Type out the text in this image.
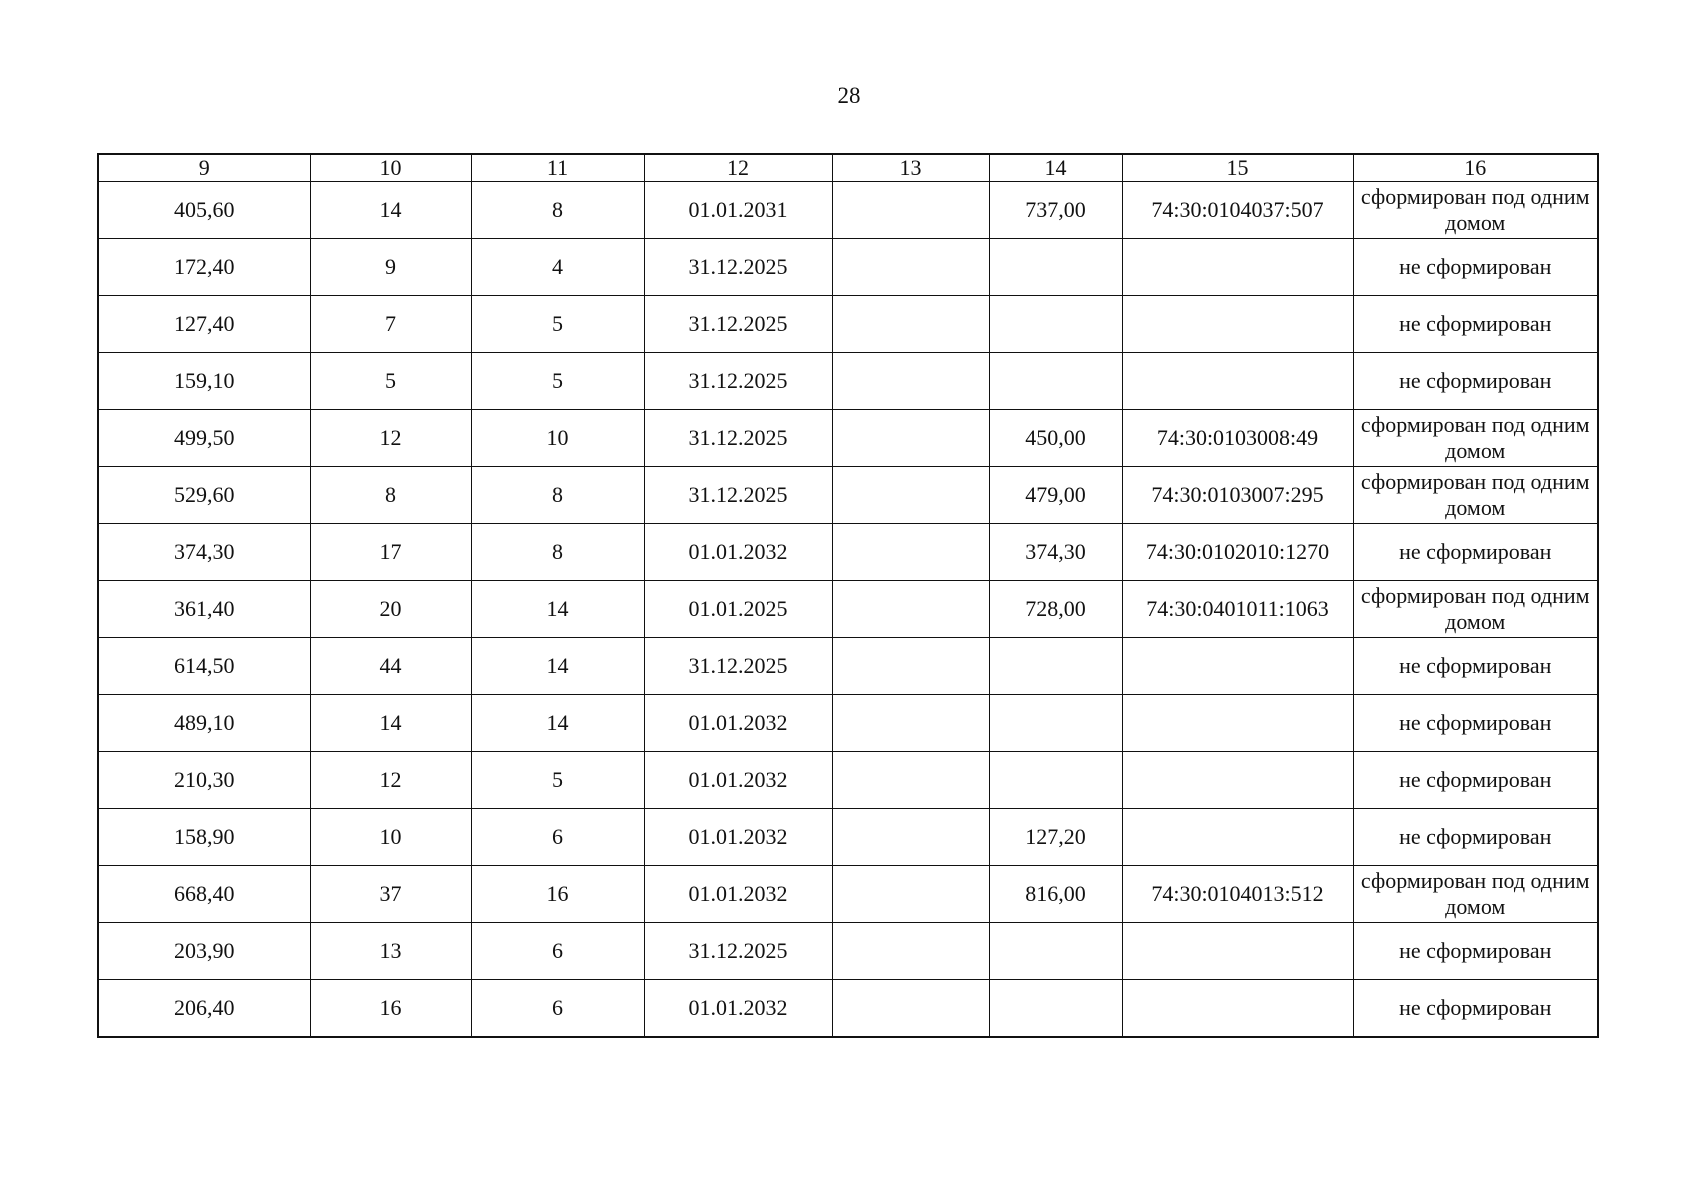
28
9	10	11	12	13	14	15	16
405,60	14	8	01.01.2031		737,00	74:30:0104037:507	сформирован под одним домом
172,40	9	4	31.12.2025				не сформирован
127,40	7	5	31.12.2025				не сформирован
159,10	5	5	31.12.2025				не сформирован
499,50	12	10	31.12.2025		450,00	74:30:0103008:49	сформирован под одним домом
529,60	8	8	31.12.2025		479,00	74:30:0103007:295	сформирован под одним домом
374,30	17	8	01.01.2032		374,30	74:30:0102010:1270	не сформирован
361,40	20	14	01.01.2025		728,00	74:30:0401011:1063	сформирован под одним домом
614,50	44	14	31.12.2025				не сформирован
489,10	14	14	01.01.2032				не сформирован
210,30	12	5	01.01.2032				не сформирован
158,90	10	6	01.01.2032		127,20		не сформирован
668,40	37	16	01.01.2032		816,00	74:30:0104013:512	сформирован под одним домом
203,90	13	6	31.12.2025				не сформирован
206,40	16	6	01.01.2032				не сформирован
